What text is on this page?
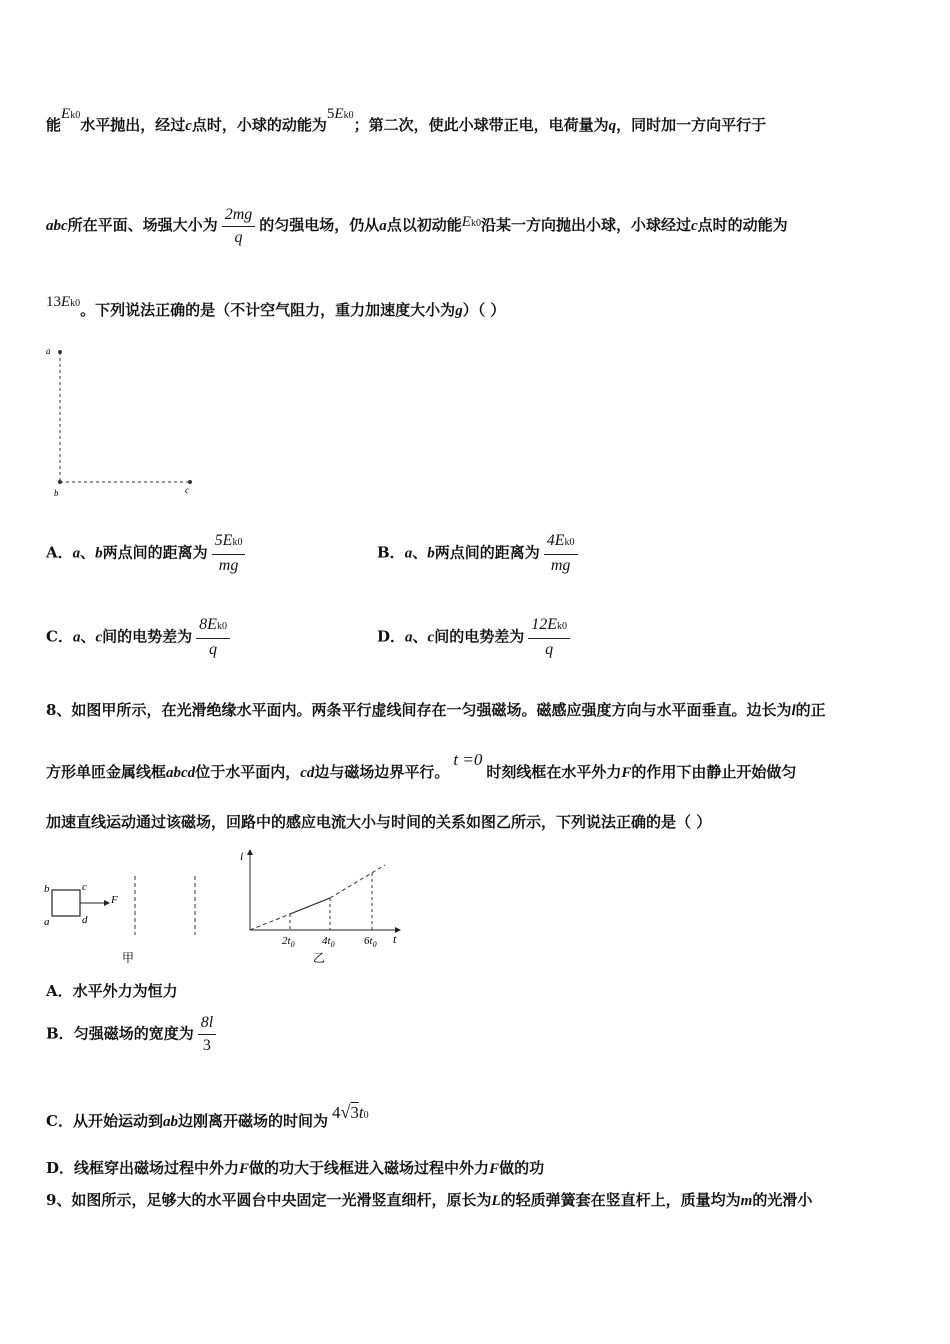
能Ek0水平抛出，经过c点时，小球的动能为5Ek0；第二次，使此小球带正电，电荷量为q，同时加一方向平行于
abc所在平面、场强大小为 $\frac{2mg}{q}$ 的匀强电场，仍从a点以初动能Ek0沿某一方向抛出小球，小球经过c点时的动能为
13Ek0。下列说法正确的是（不计空气阻力，重力加速度大小为g）（ ）
a
b	c
A．a、b两点间的距离为 $\frac{5Ek0}{mg}$	B．a、b两点间的距离为 $\frac{4Ek0}{mg}$
C．a、c间的电势差为 $\frac{8Ek0}{q}$	D．a、c间的电势差为 $\frac{12Ek0}{q}$
8、如图甲所示，在光滑绝缘水平面内。两条平行虚线间存在一匀强磁场。磁感应强度方向与水平面垂直。边长为l的正
方形单匝金属线框abcd位于水平面内，cd边与磁场边界平行。t =0时刻线框在水平外力F的作用下由静止开始做匀
加速直线运动通过该磁场，回路中的感应电流大小与时间的关系如图乙所示，下列说法正确的是（ ）
b	c
a	d
F
甲
i
t
$2t_0$ $4t_0$	$6t_0$
乙
A．水平外力为恒力
B．匀强磁场的宽度为 $\frac{8l}{3}$
C．从开始运动到ab边刚离开磁场的时间为 4√3t0
D．线框穿出磁场过程中外力F做的功大于线框进入磁场过程中外力F做的功
9、如图所示，足够大的水平圆台中央固定一光滑竖直细杆，原长为L的轻质弹簧套在竖直杆上，质量均为m的光滑小
